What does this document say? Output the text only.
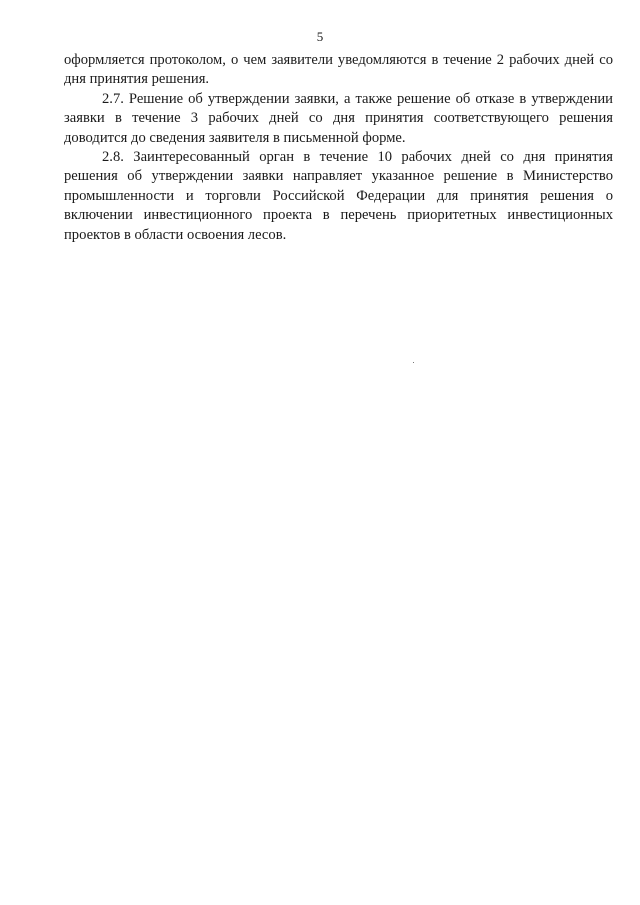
5

оформляется протоколом, о чем заявители уведомляются в течение 2 рабочих дней со дня принятия решения.

2.7. Решение об утверждении заявки, а также решение об отказе в утверждении заявки в течение 3 рабочих дней со дня принятия соответствующего решения доводится до сведения заявителя в письменной форме.

2.8. Заинтересованный орган в течение 10 рабочих дней со дня принятия решения об утверждении заявки направляет указанное решение в Министерство промышленности и торговли Российской Федерации для принятия решения о включении инвестиционного проекта в перечень приоритетных инвестиционных проектов в области освоения лесов.
